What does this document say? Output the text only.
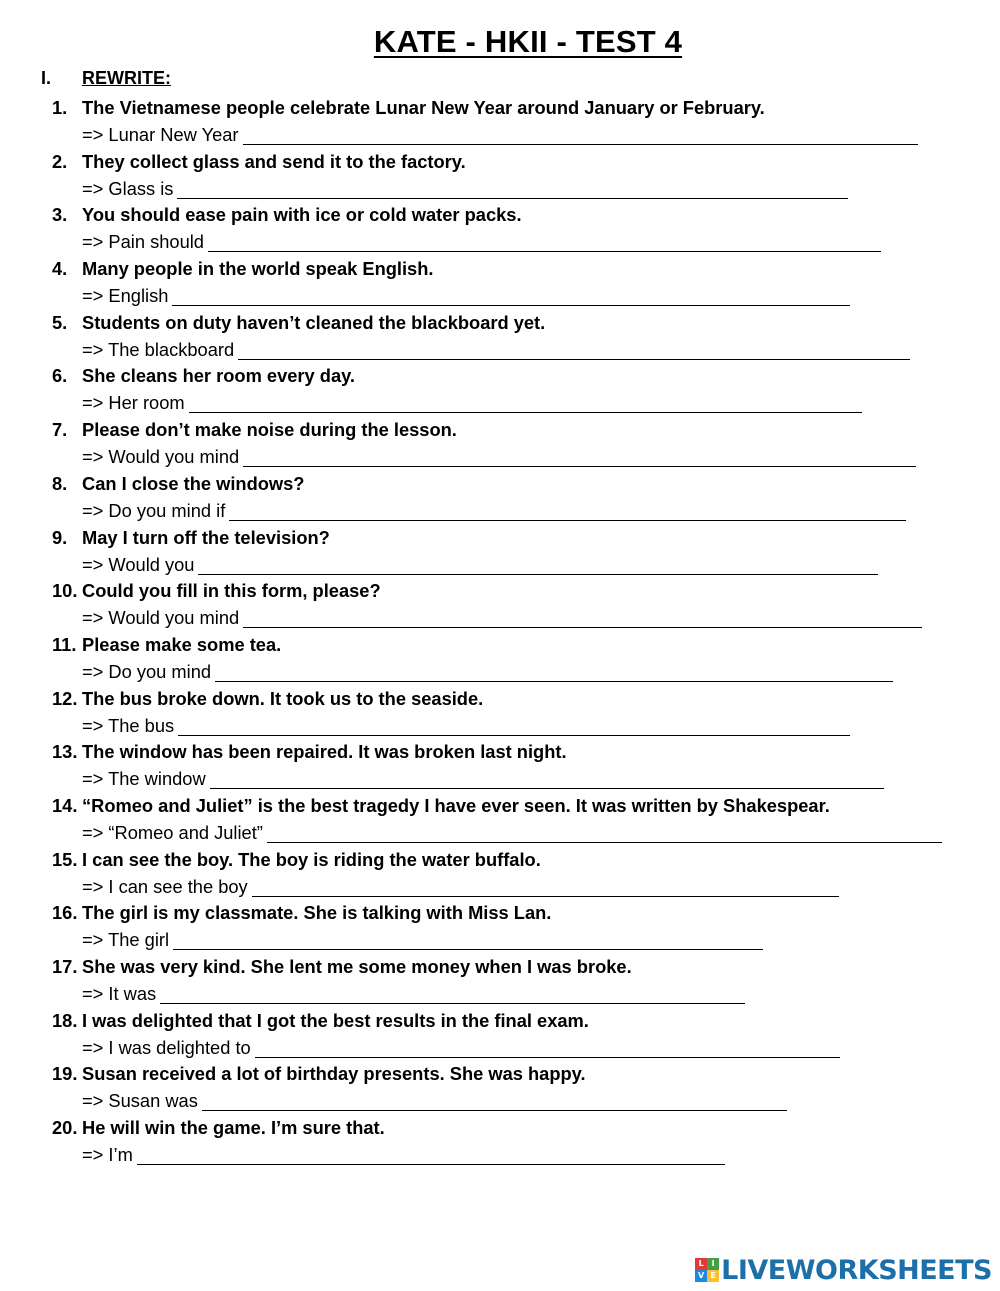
KATE - HKII - TEST 4
I. REWRITE:
1. The Vietnamese people celebrate Lunar New Year around January or February.
=> Lunar New Year
2. They collect glass and send it to the factory.
=> Glass is
3. You should ease pain with ice or cold water packs.
=> Pain should
4. Many people in the world speak English.
=> English
5. Students on duty haven’t cleaned the blackboard yet.
=> The blackboard
6. She cleans her room every day.
=> Her room
7. Please don’t make noise during the lesson.
=> Would you mind
8. Can I close the windows?
=> Do you mind if
9. May I turn off the television?
=> Would you
10. Could you fill in this form, please?
=> Would you mind
11. Please make some tea.
=> Do you mind
12. The bus broke down. It took us to the seaside.
=> The bus
13. The window has been repaired. It was broken last night.
=> The window
14. “Romeo and Juliet” is the best tragedy I have ever seen. It was written by Shakespear.
=> “Romeo and Juliet”
15. I can see the boy. The boy is riding the water buffalo.
=> I can see the boy
16. The girl is my classmate. She is talking with Miss Lan.
=> The girl
17. She was very kind. She lent me some money when I was broke.
=> It was
18. I was delighted that I got the best results in the final exam.
=> I was delighted to
19. Susan received a lot of birthday presents. She was happy.
=> Susan was
20. He will win the game. I’m sure that.
=> I’m
L I
V E LIVEWORKSHEETS
